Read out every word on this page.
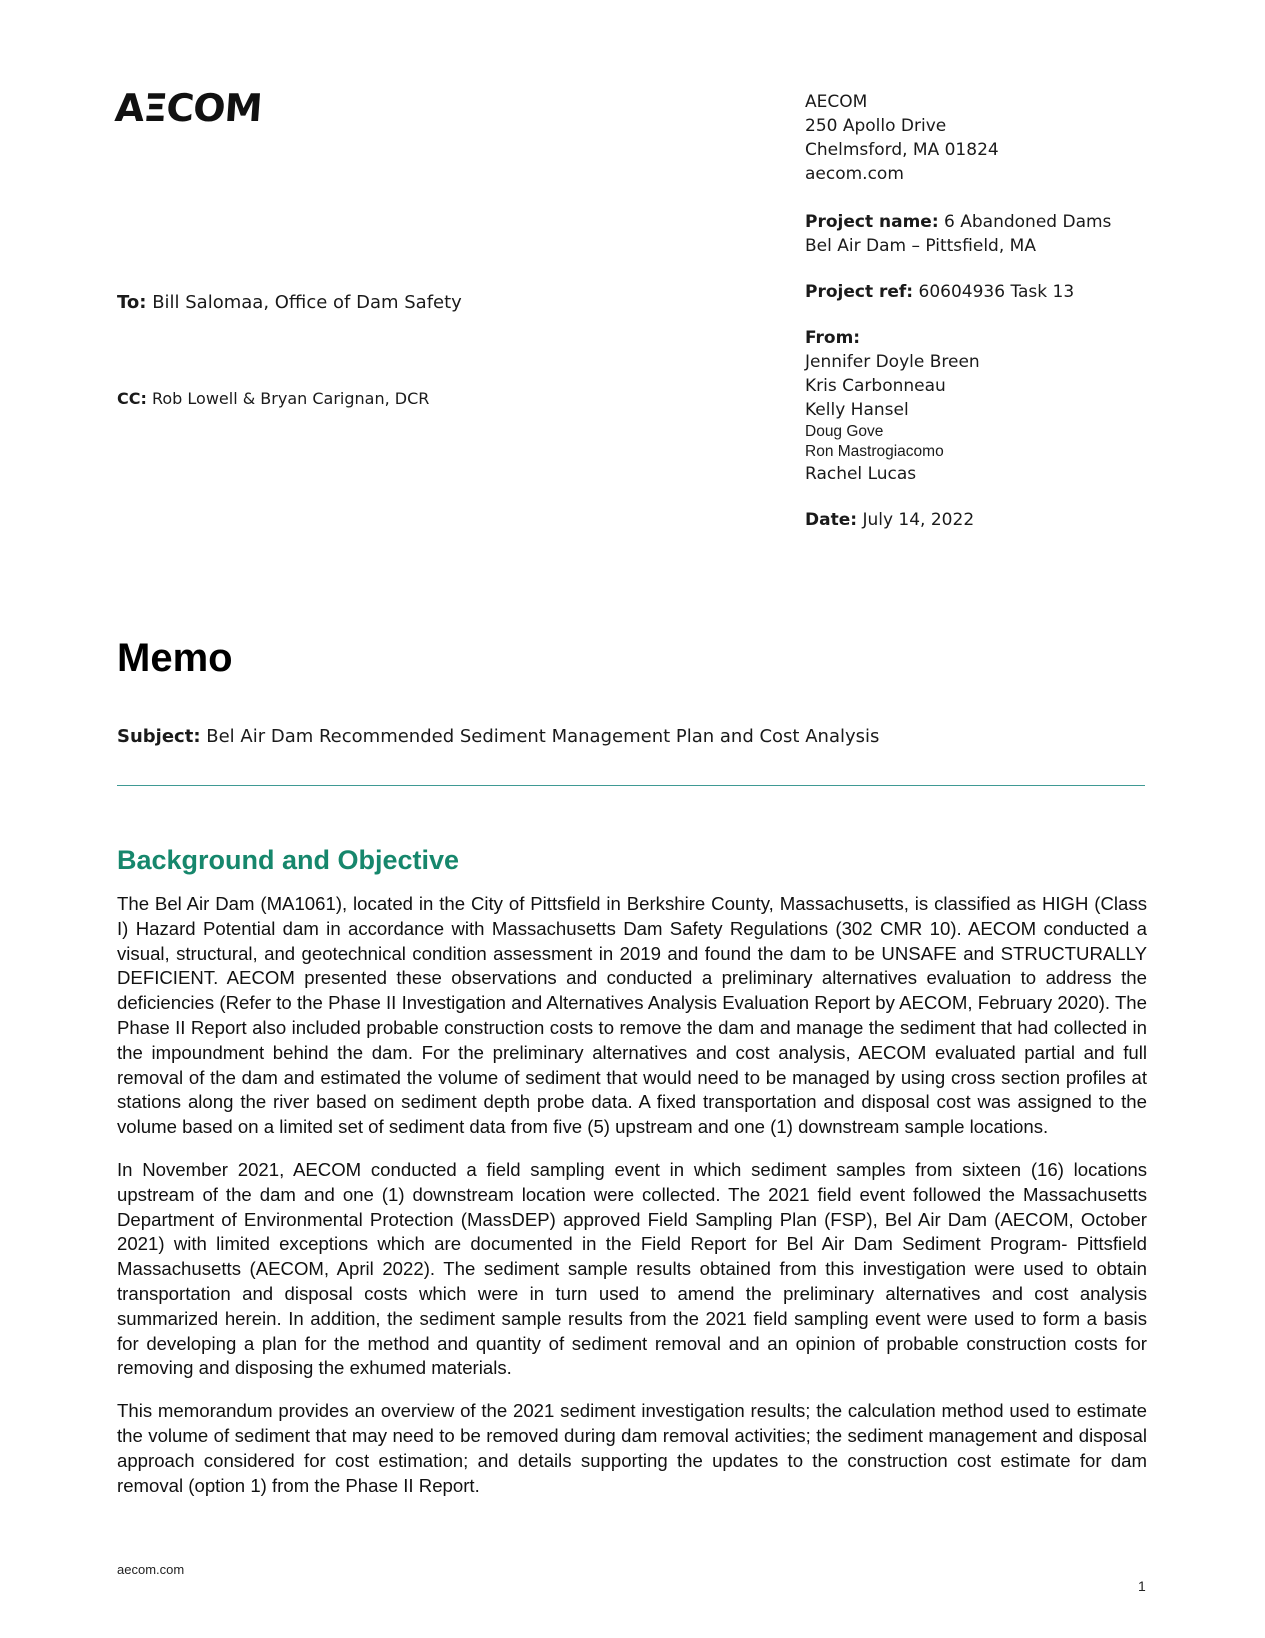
AΞCOM	AECOM
250 Apollo Drive
Chelmsford, MA 01824
aecom.com
Project name: 6 Abandoned Dams
Bel Air Dam – Pittsfield, MA
Project ref: 60604936 Task 13
From:
Jennifer Doyle Breen
Kris Carbonneau
Kelly Hansel
Doug Gove
Ron Mastrogiacomo
Rachel Lucas
Date: July 14, 2022
To: Bill Salomaa, Office of Dam Safety
CC: Rob Lowell & Bryan Carignan, DCR
Memo
Subject: Bel Air Dam Recommended Sediment Management Plan and Cost Analysis
Background and Objective

The Bel Air Dam (MA1061), located in the City of Pittsfield in Berkshire County, Massachusetts, is classified as HIGH (Class I) Hazard Potential dam in accordance with Massachusetts Dam Safety Regulations (302 CMR 10). AECOM conducted a visual, structural, and geotechnical condition assessment in 2019 and found the dam to be UNSAFE and STRUCTURALLY DEFICIENT. AECOM presented these observations and conducted a preliminary alternatives evaluation to address the deficiencies (Refer to the Phase II Investigation and Alternatives Analysis Evaluation Report by AECOM, February 2020). The Phase II Report also included probable construction costs to remove the dam and manage the sediment that had collected in the impoundment behind the dam. For the preliminary alternatives and cost analysis, AECOM evaluated partial and full removal of the dam and estimated the volume of sediment that would need to be managed by using cross section profiles at stations along the river based on sediment depth probe data. A fixed transportation and disposal cost was assigned to the volume based on a limited set of sediment data from five (5) upstream and one (1) downstream sample locations.

In November 2021, AECOM conducted a field sampling event in which sediment samples from sixteen (16) locations upstream of the dam and one (1) downstream location were collected. The 2021 field event followed the Massachusetts Department of Environmental Protection (MassDEP) approved Field Sampling Plan (FSP), Bel Air Dam (AECOM, October 2021) with limited exceptions which are documented in the Field Report for Bel Air Dam Sediment Program- Pittsfield Massachusetts (AECOM, April 2022). The sediment sample results obtained from this investigation were used to obtain transportation and disposal costs which were in turn used to amend the preliminary alternatives and cost analysis summarized herein. In addition, the sediment sample results from the 2021 field sampling event were used to form a basis for developing a plan for the method and quantity of sediment removal and an opinion of probable construction costs for removing and disposing the exhumed materials.

This memorandum provides an overview of the 2021 sediment investigation results; the calculation method used to estimate the volume of sediment that may need to be removed during dam removal activities; the sediment management and disposal approach considered for cost estimation; and details supporting the updates to the construction cost estimate for dam removal (option 1) from the Phase II Report.

aecom.com
1
